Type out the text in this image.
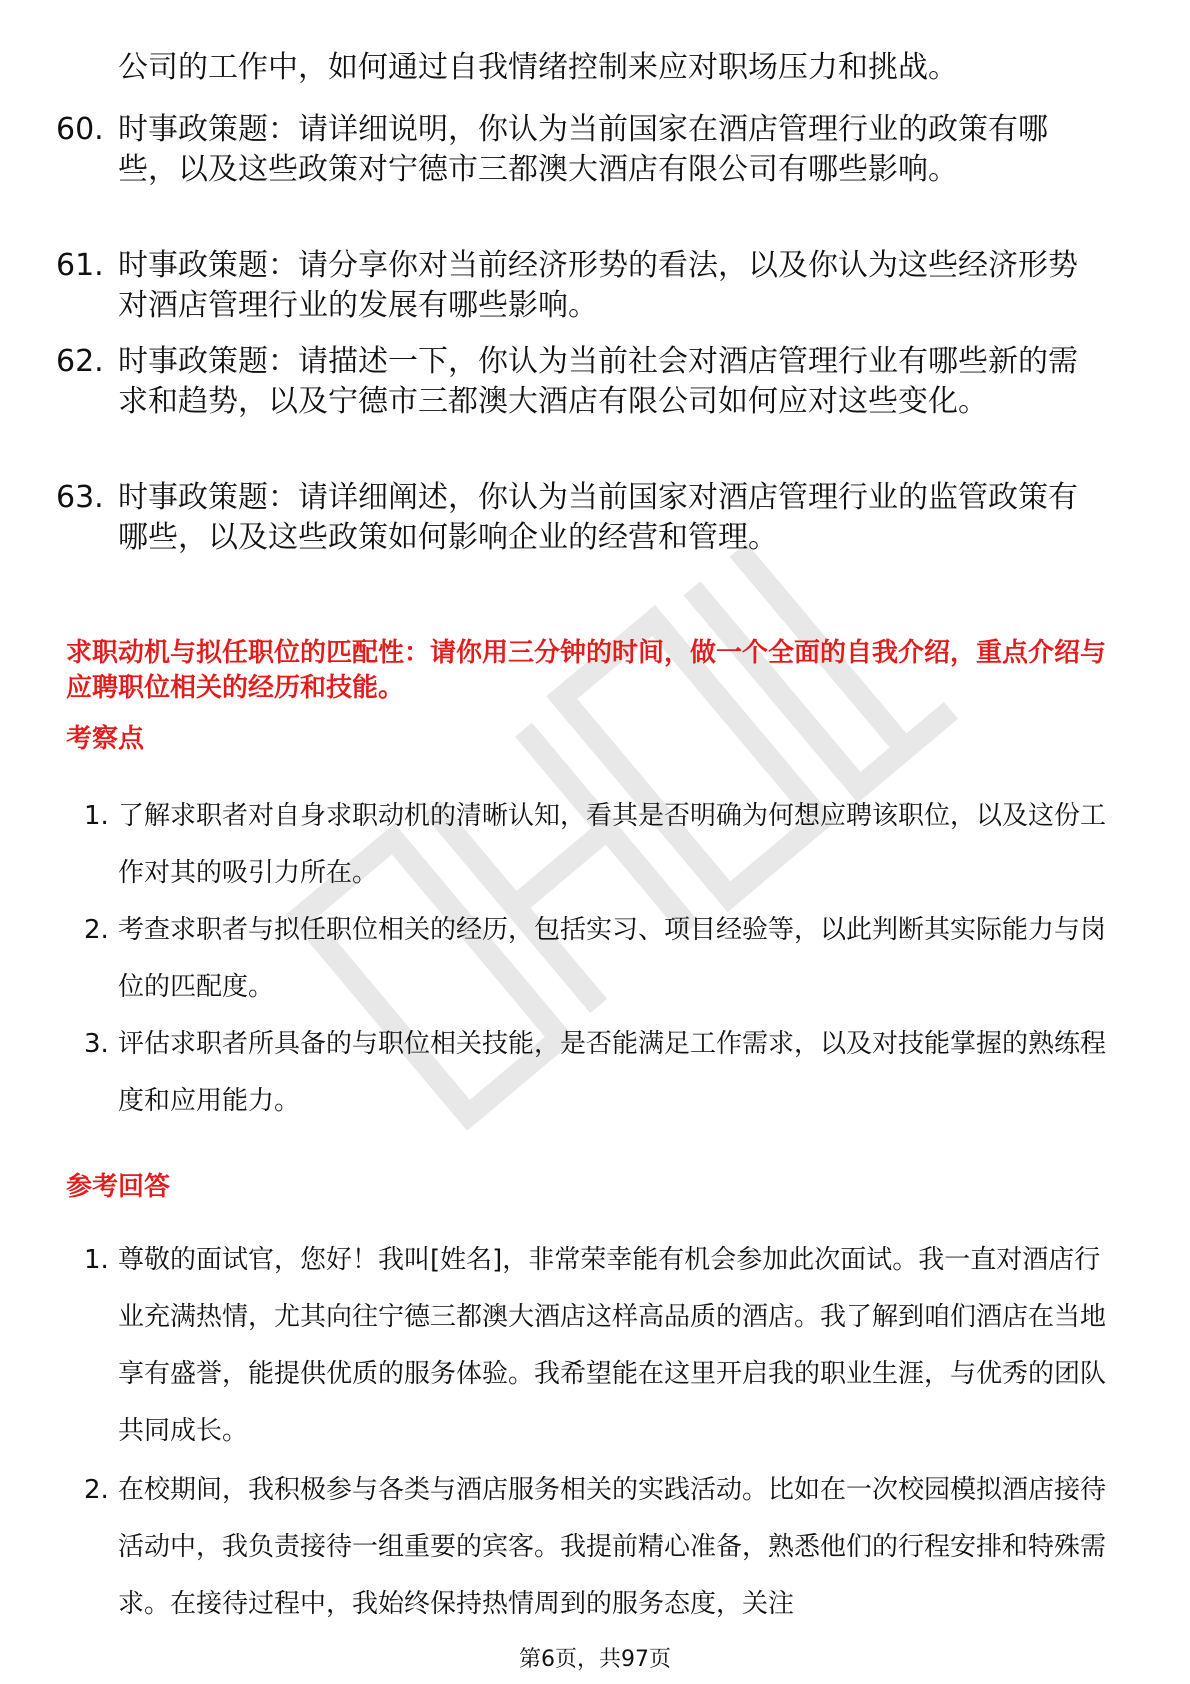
公司的工作中，如何通过自我情绪控制来应对职场压力和挑战。
60. 时事政策题：请详细说明，你认为当前国家在酒店管理行业的政策有哪些，以及这些政策对宁德市三都澳大酒店有限公司有哪些影响。
61. 时事政策题：请分享你对当前经济形势的看法，以及你认为这些经济形势对酒店管理行业的发展有哪些影响。
62. 时事政策题：请描述一下，你认为当前社会对酒店管理行业有哪些新的需求和趋势，以及宁德市三都澳大酒店有限公司如何应对这些变化。
63. 时事政策题：请详细阐述，你认为当前国家对酒店管理行业的监管政策有哪些，以及这些政策如何影响企业的经营和管理。
求职动机与拟任职位的匹配性：请你用三分钟的时间，做一个全面的自我介绍，重点介绍与应聘职位相关的经历和技能。
考察点
1. 了解求职者对自身求职动机的清晰认知，看其是否明确为何想应聘该职位，以及这份工作对其的吸引力所在。
2. 考查求职者与拟任职位相关的经历，包括实习、项目经验等，以此判断其实际能力与岗位的匹配度。
3. 评估求职者所具备的与职位相关技能，是否能满足工作需求，以及对技能掌握的熟练程度和应用能力。
参考回答
1. 尊敬的面试官，您好！我叫[姓名]，非常荣幸能有机会参加此次面试。我一直对酒店行业充满热情，尤其向往宁德三都澳大酒店这样高品质的酒店。我了解到咱们酒店在当地享有盛誉，能提供优质的服务体验。我希望能在这里开启我的职业生涯，与优秀的团队共同成长。
2. 在校期间，我积极参与各类与酒店服务相关的实践活动。比如在一次校园模拟酒店接待活动中，我负责接待一组重要的宾客。我提前精心准备，熟悉他们的行程安排和特殊需求。在接待过程中，我始终保持热情周到的服务态度，关注
第6页，共97页
